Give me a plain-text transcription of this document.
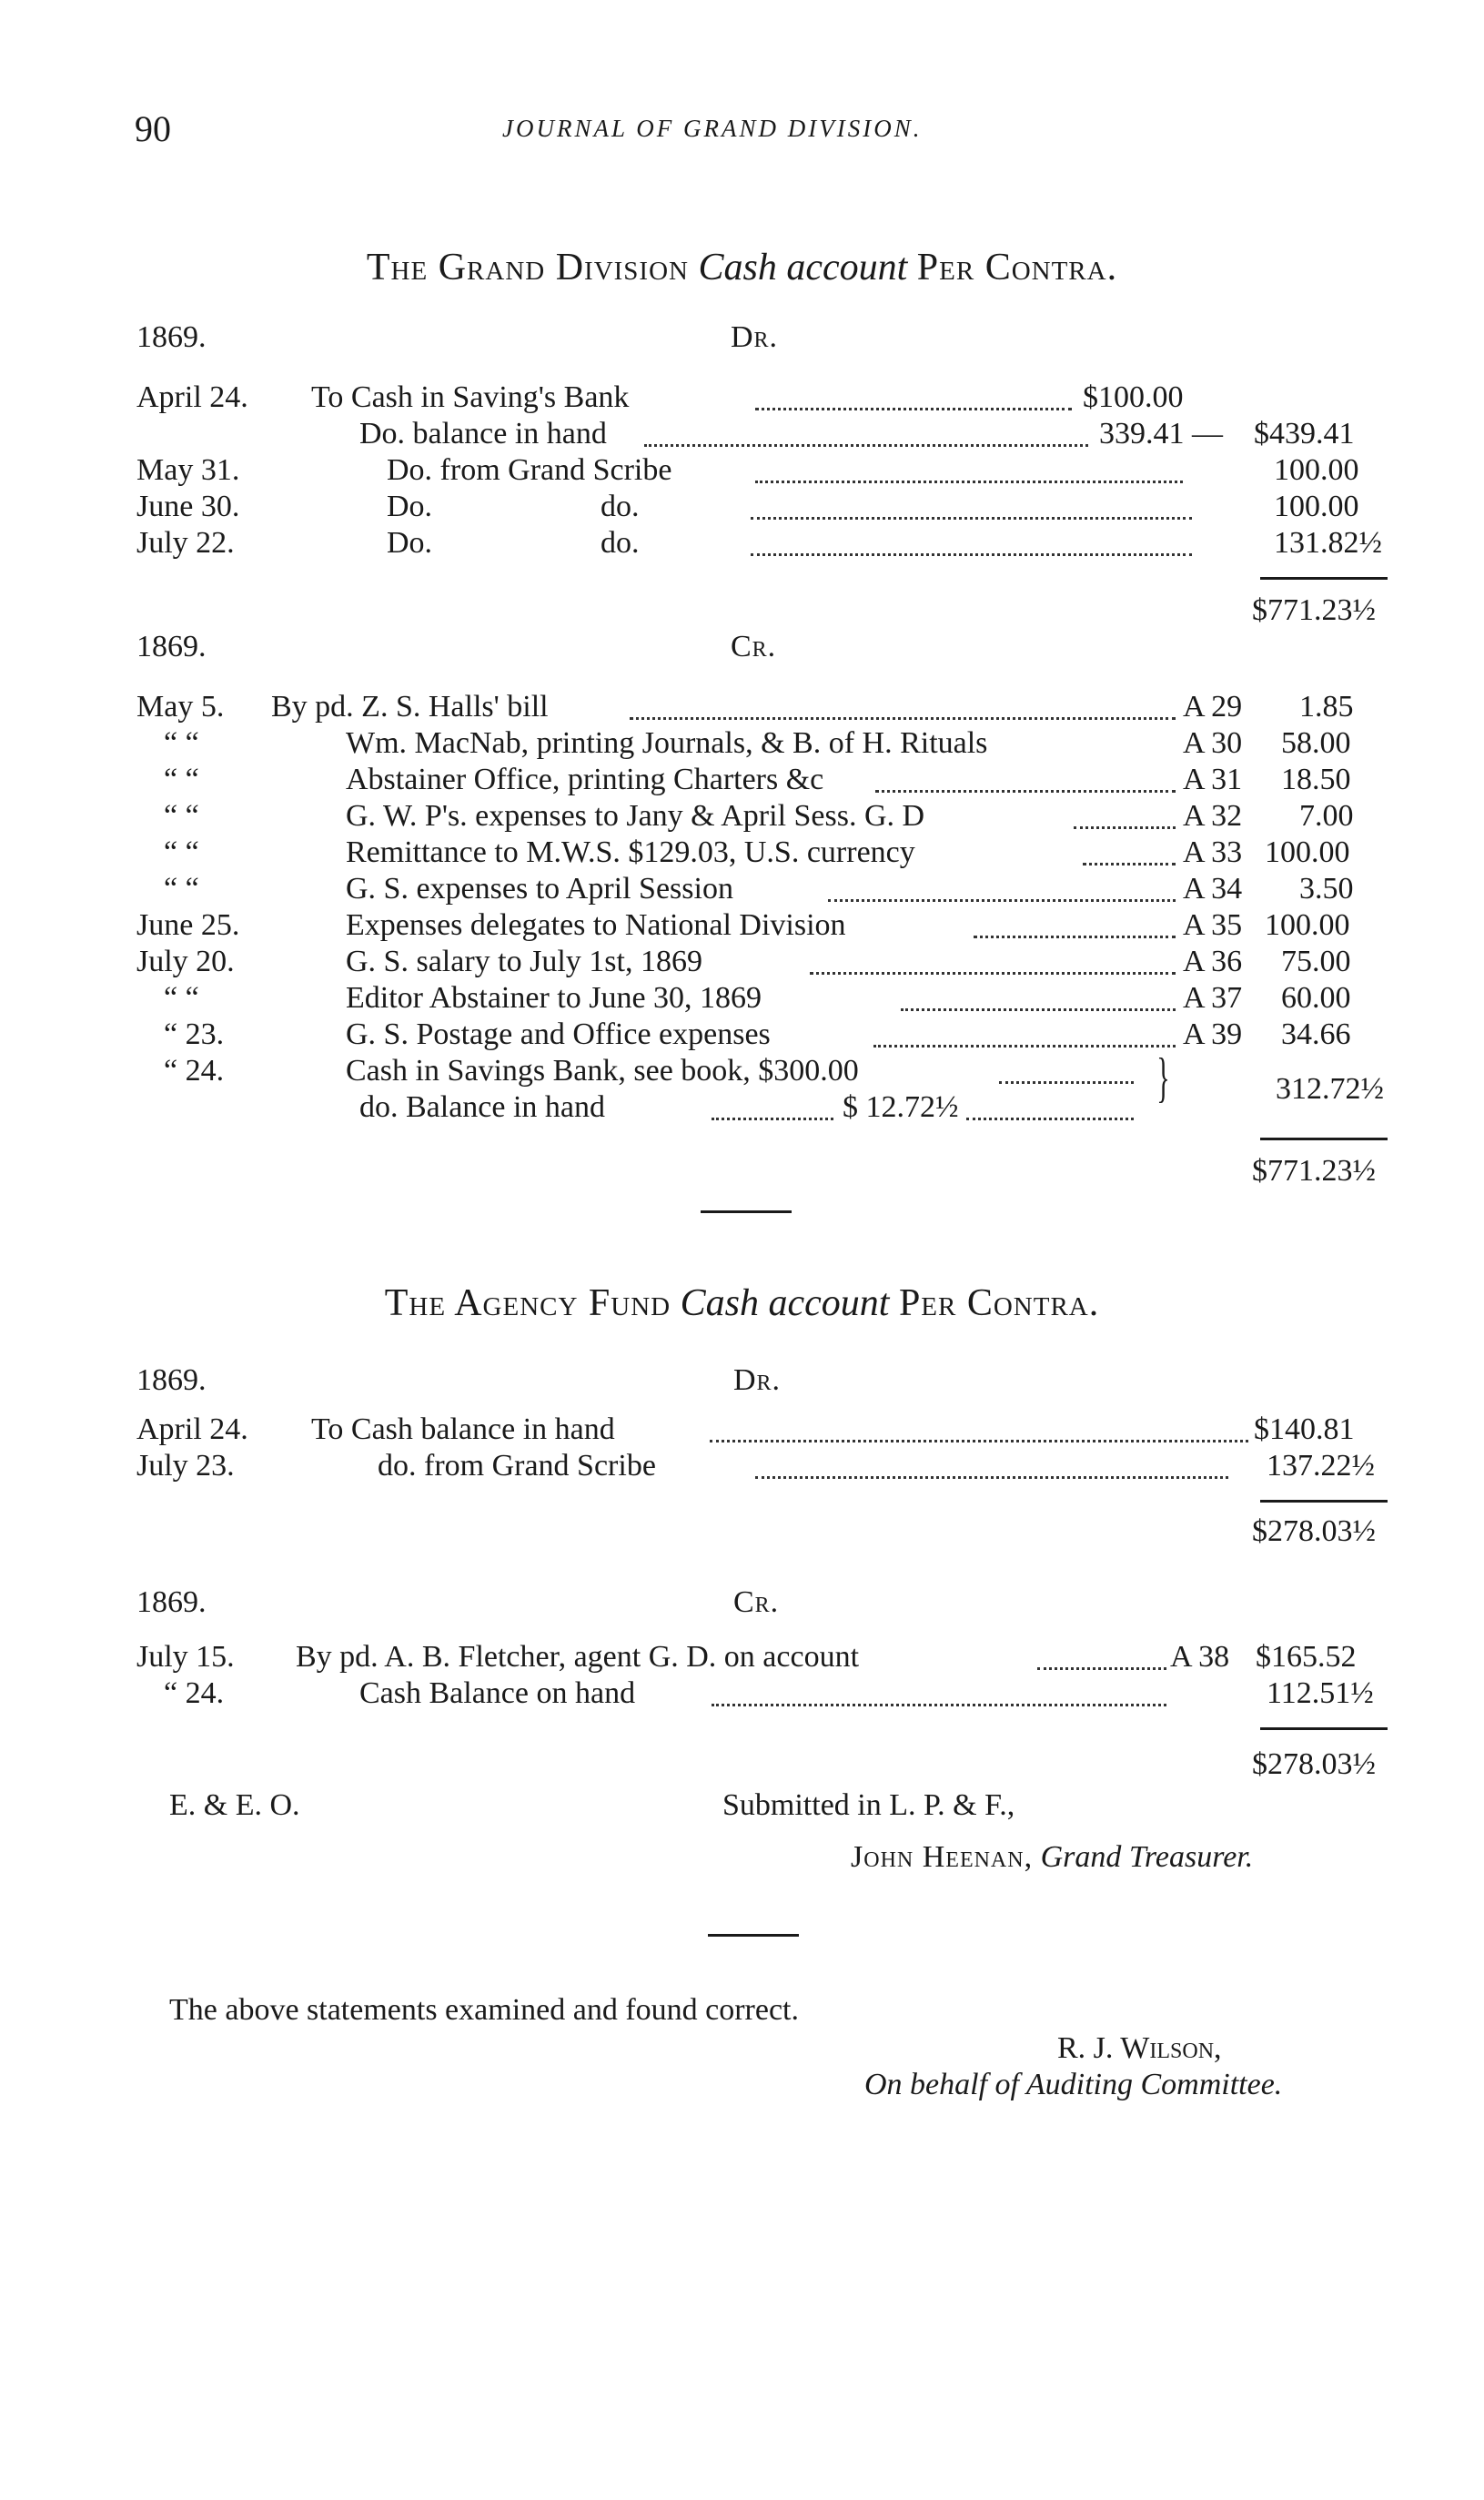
90	JOURNAL OF GRAND DIVISION.
The Grand Division Cash account Per Contra.
1869.	Dr.
April 24. To Cash in Saving's Bank	$100.00
Do. balance in hand	339.41 — $439.41
May 31.	Do. from Grand Scribe	100.00
June 30.	Do.	do.	100.00
July 22.	Do.	do.	131.82½
$771.23½
1869.	Cr.
May 5. By pd. Z. S. Halls' bill	A 29 1.85
“ “	Wm. MacNab, printing Journals, & B. of H. Rituals	A 30 58.00
“ “	Abstainer Office, printing Charters &c	A 31 18.50
“ “	G. W. P's. expenses to Jany & April Sess. G. D	A 32 7.00
“ “	Remittance to M.W.S. $129.03, U.S. currency	A 33 100.00
“ “	G. S. expenses to April Session	A 34 3.50
June 25.	Expenses delegates to National Division	A 35 100.00
July 20.	G. S. salary to July 1st, 1869	A 36 75.00
“ “	Editor Abstainer to June 30, 1869	A 37 60.00
“ 23.	G. S. Postage and Office expenses	A 39 34.66
“ 24.	Cash in Savings Bank, see book, $300.00
do. Balance in hand	$ 12.72½	}	312.72½
$771.23½
The Agency Fund Cash account Per Contra.
1869.	Dr.
April 24. To Cash balance in hand	$140.81
July 23.	do. from Grand Scribe	137.22½
$278.03½
1869.	Cr.
July 15. By pd. A. B. Fletcher, agent G. D. on account	A 38 $165.52
“ 24.	Cash Balance on hand	112.51½
$278.03½
E. & E. O.	Submitted in L. P. & F.,
John Heenan, Grand Treasurer.
The above statements examined and found correct.
R. J. Wilson,
On behalf of Auditing Committee.
